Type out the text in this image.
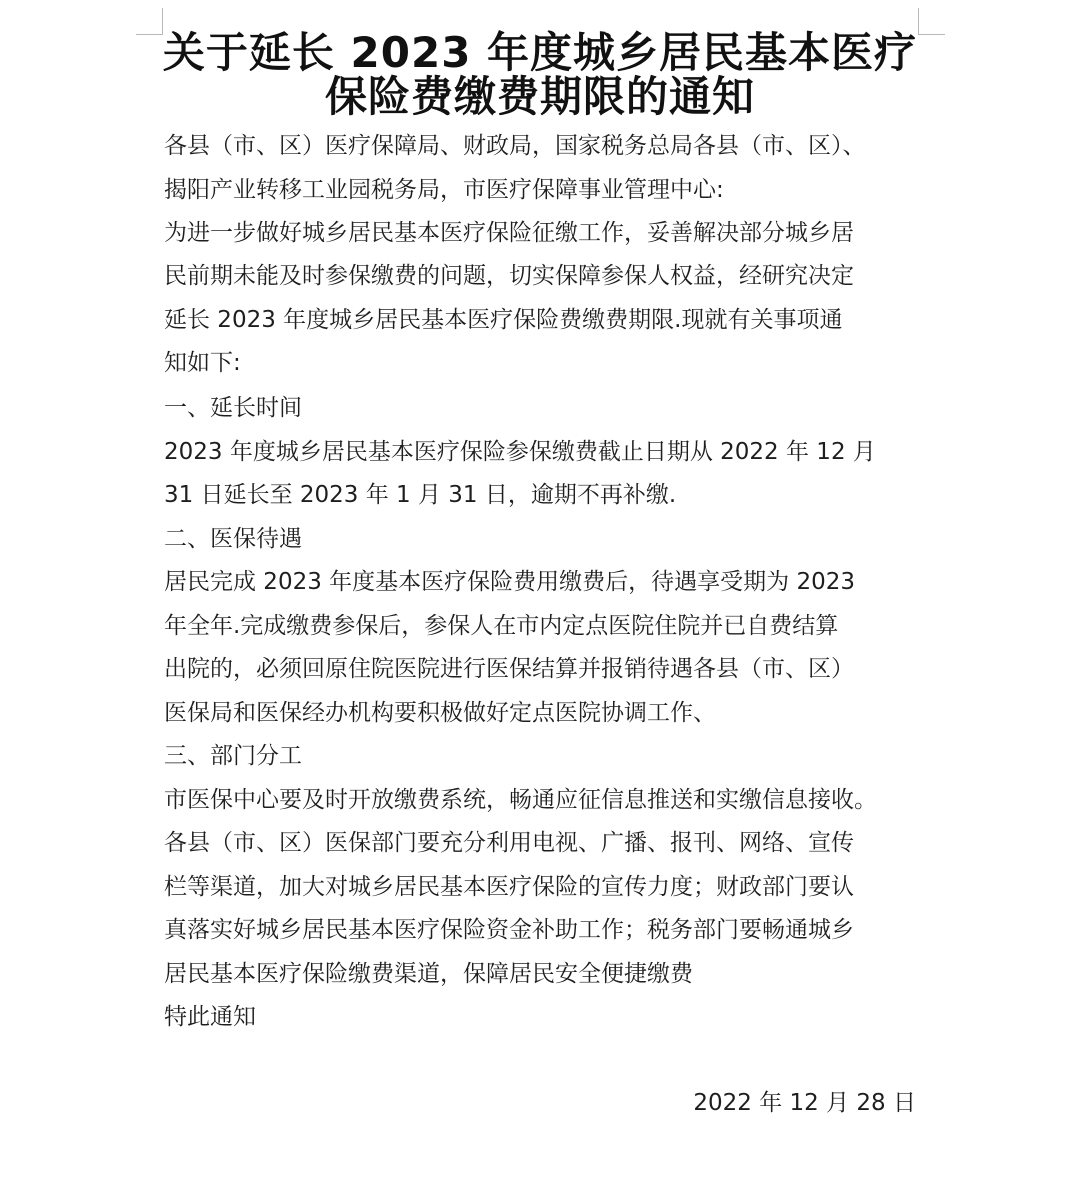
关于延长 2023 年度城乡居民基本医疗
保险费缴费期限的通知
各县（市、区）医疗保障局、财政局，国家税务总局各县（市、区）、
揭阳产业转移工业园税务局，市医疗保障事业管理中心:
为进一步做好城乡居民基本医疗保险征缴工作，妥善解决部分城乡居
民前期未能及时参保缴费的问题，切实保障参保人权益，经研究决定
延长 2023 年度城乡居民基本医疗保险费缴费期限.现就有关事项通
知如下:
一、延长时间
2023 年度城乡居民基本医疗保险参保缴费截止日期从 2022 年 12 月
31 日延长至 2023 年 1 月 31 日，逾期不再补缴.
二、医保待遇
居民完成 2023 年度基本医疗保险费用缴费后，待遇享受期为 2023
年全年.完成缴费参保后，参保人在市内定点医院住院并已自费结算
出院的，必须回原住院医院进行医保结算并报销待遇各县（市、区）
医保局和医保经办机构要积极做好定点医院协调工作、
三、部门分工
市医保中心要及时开放缴费系统，畅通应征信息推送和实缴信息接收。
各县（市、区）医保部门要充分利用电视、广播、报刊、网络、宣传
栏等渠道，加大对城乡居民基本医疗保险的宣传力度；财政部门要认
真落实好城乡居民基本医疗保险资金补助工作；税务部门要畅通城乡
居民基本医疗保险缴费渠道，保障居民安全便捷缴费
特此通知
2022 年 12 月 28 日
